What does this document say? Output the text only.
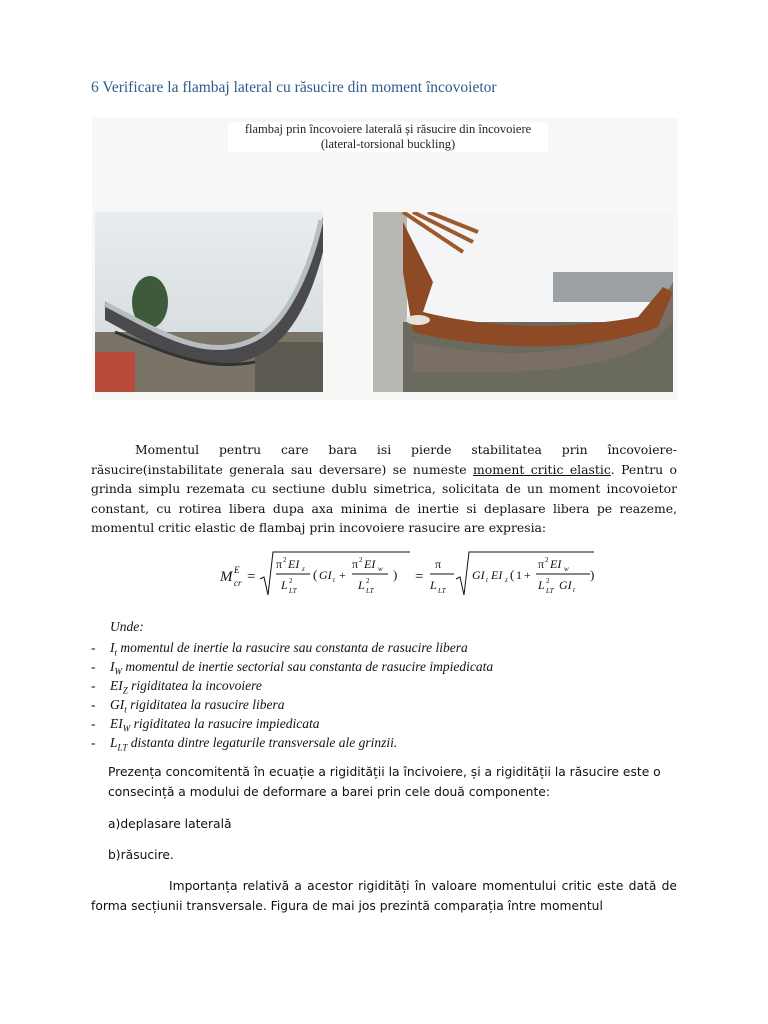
6 Verificare la flambaj lateral cu răsucire din moment încovoietor
flambaj prin încovoiere laterală și răsucire din încovoiere
(lateral-torsional buckling)
Momentul pentru care bara isi pierde stabilitatea prin încovoiere-răsucire(instabilitate generala sau deversare) se numeste moment critic elastic. Pentru o grinda simplu rezemata cu sectiune dublu simetrica, solicitata de un moment incovoietor constant, cu rotirea libera dupa axa minima de inertie si deplasare libera pe reazeme, momentul critic elastic de flambaj prin incovoiere rasucire are expresia:
M E
cr =
π 2 EI z
L 2
LT
( GI t +
π 2 EI w
L 2
LT
) =
π
L LT
GI t EI z ( 1 +
π 2 EI w
L 2
LT GI t
)
Unde:
- $I_t$ momentul de inertie la rasucire sau constanta de rasucire libera
- $I_W$ momentul de inertie sectorial sau constanta de rasucire impiedicata
- $EI_Z$ rigiditatea la incovoiere
- $GI_t$ rigiditatea la rasucire libera
- $EI_W$ rigiditatea la rasucire impiedicata
- $L_{LT}$ distanta dintre legaturile transversale ale grinzii.
Prezența concomitentă în ecuație a rigidității la încivoiere, și a rigidității la răsucire este o consecință a modului de deformare a barei prin cele două componente:
a)deplasare laterală
b)răsucire.
Importanța relativă a acestor rigidități în valoare momentului critic este dată de forma secțiunii transversale. Figura de mai jos prezintă comparația între momentul
